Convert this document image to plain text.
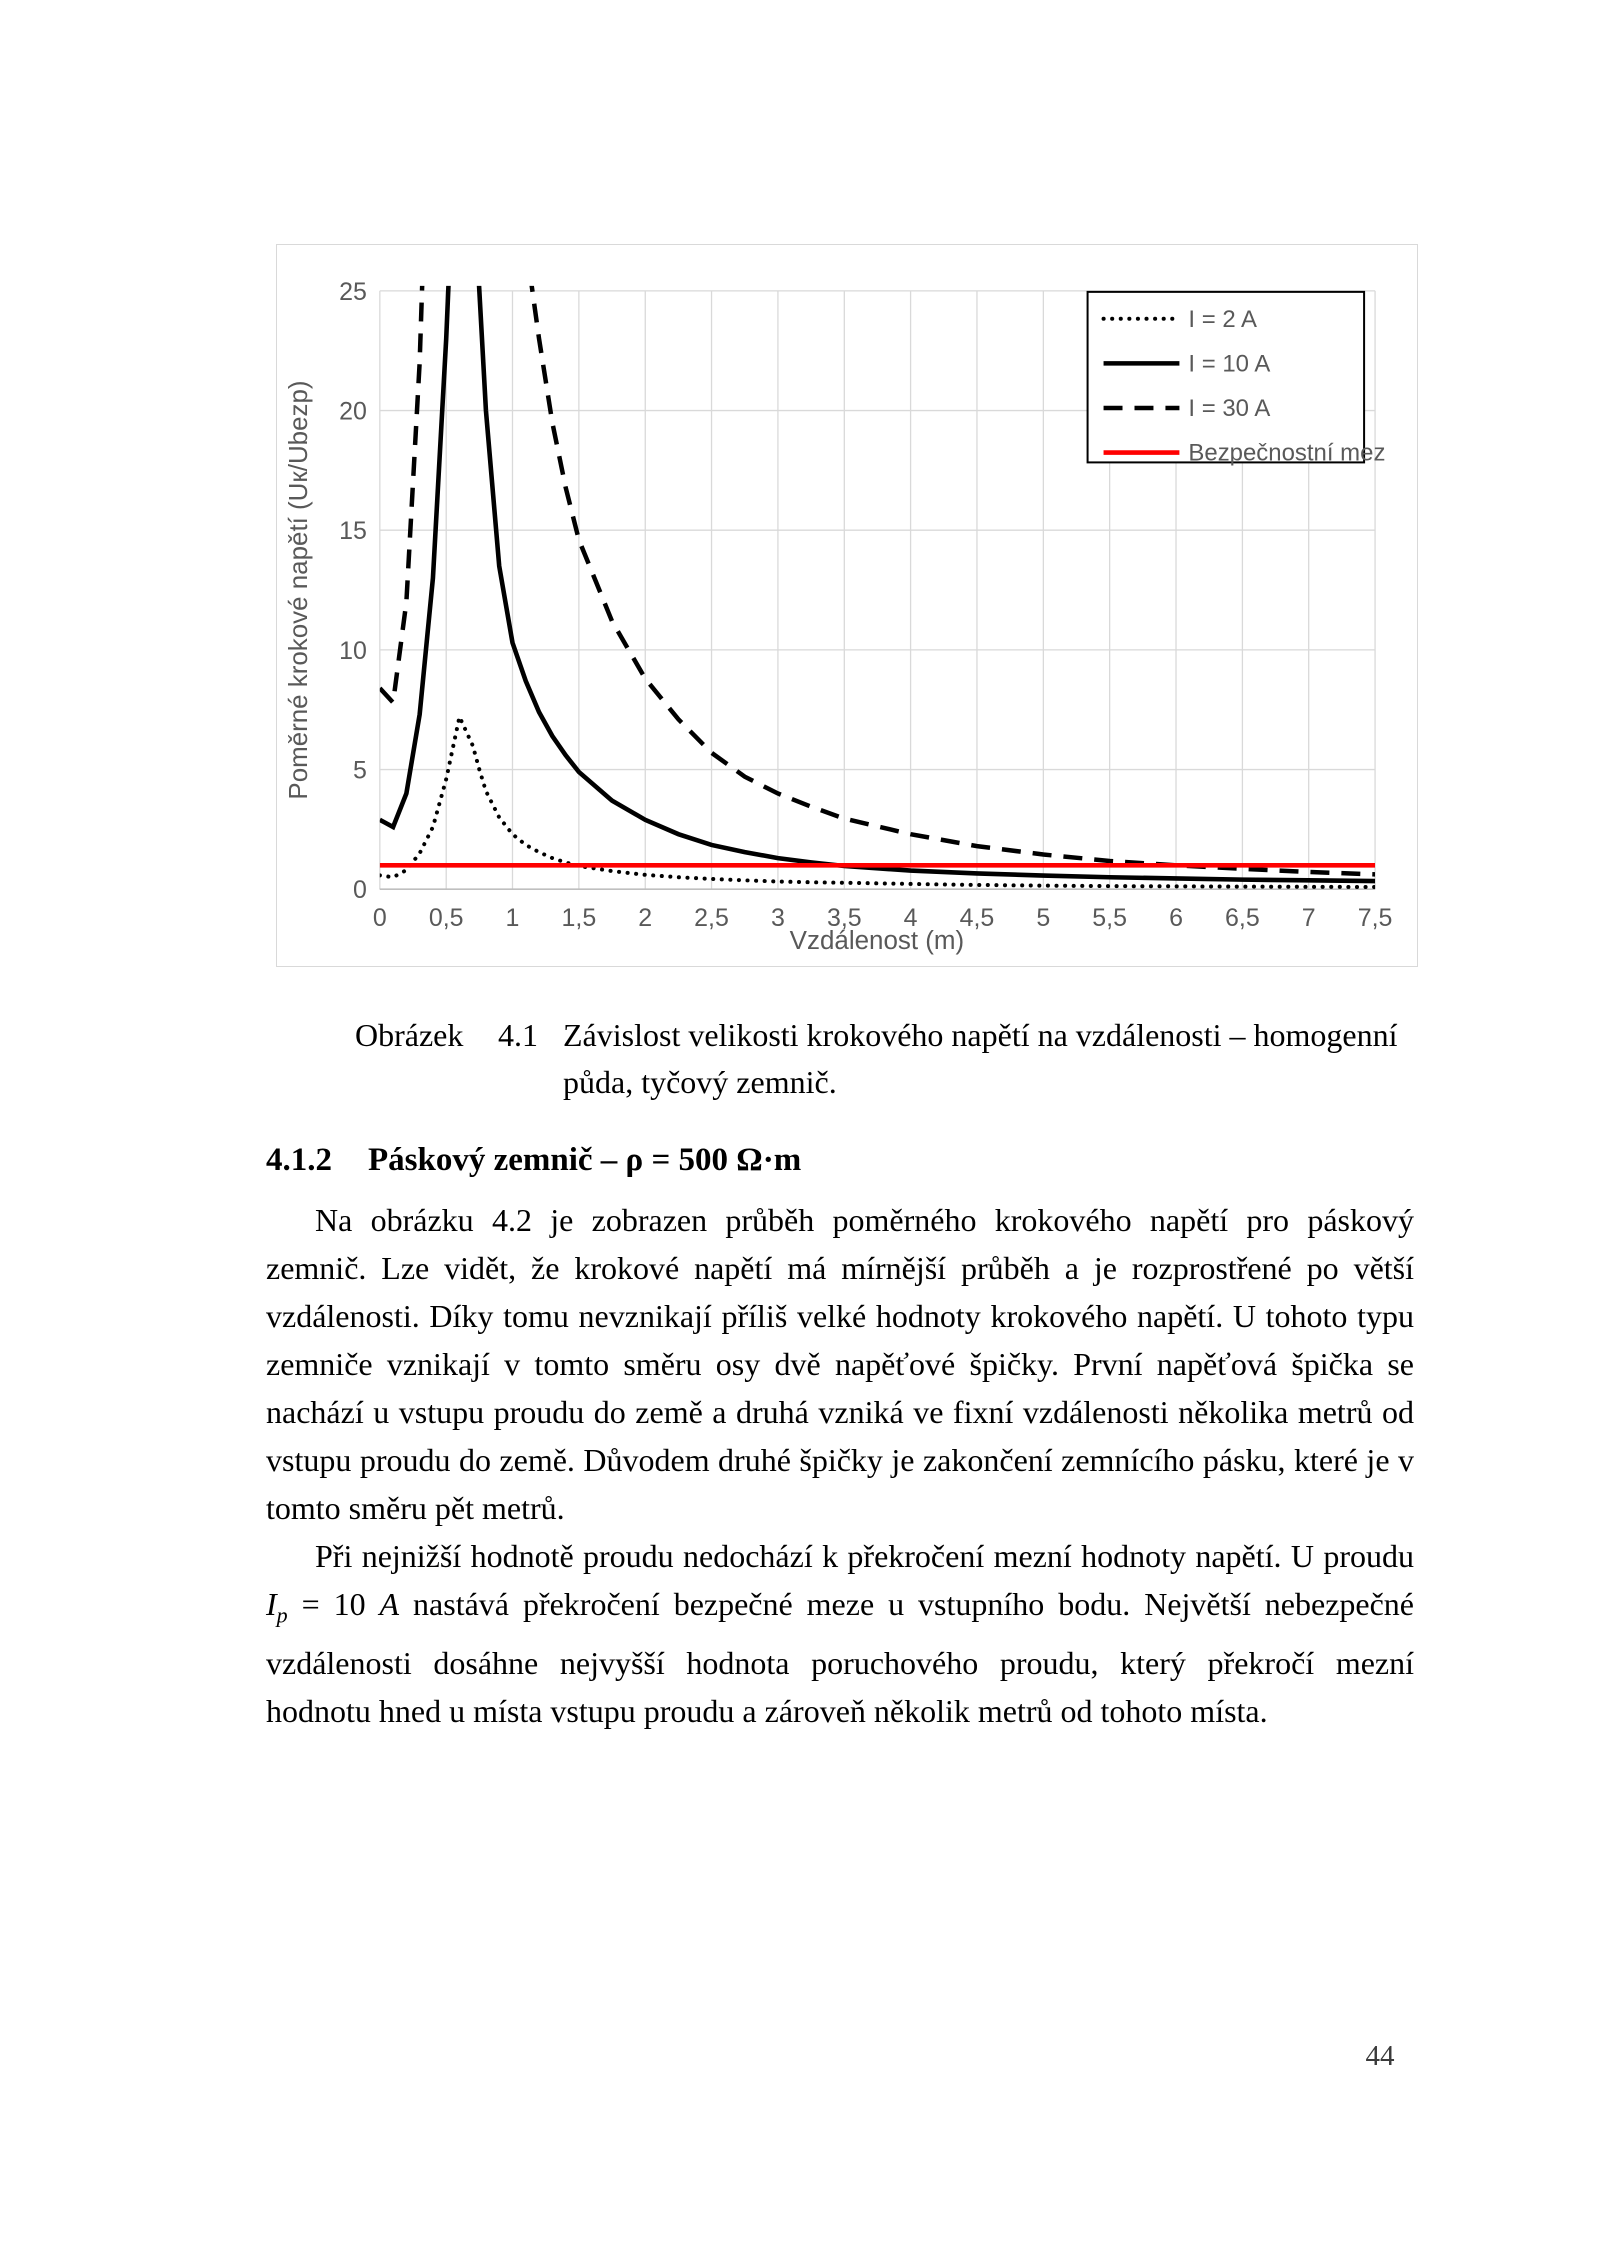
0 0,5 1 1,5 2 2,5 3 3,5 4 4,5 5 5,5 6 6,5 7 7,5
0
5
10
15
20
25
Vzdálenost (m)
Poměrné krokové napětí (Uк/Ubezp)
I = 2 A
I = 10 A
I = 30 A
Bezpečnostní mez
Obrázek	4.1 Závislost velikosti krokového napětí na vzdálenosti – homogenní půda, tyčový zemnič.
4.1.2	Páskový zemnič – ρ = 500 Ω·m

Na obrázku 4.2 je zobrazen průběh poměrného krokového napětí pro páskový zemnič. Lze vidět, že krokové napětí má mírnější průběh a je rozprostřené po větší vzdálenosti. Díky tomu nevznikají příliš velké hodnoty krokového napětí. U tohoto typu zemniče vznikají v tomto směru osy dvě napěťové špičky. První napěťová špička se nachází u vstupu proudu do země a druhá vzniká ve fixní vzdálenosti několika metrů od vstupu proudu do země. Důvodem druhé špičky je zakončení zemnícího pásku, které je v tomto směru pět metrů.

Při nejnižší hodnotě proudu nedochází k překročení mezní hodnoty napětí. U proudu $I_p = 10$ A nastává překročení bezpečné meze u vstupního bodu. Největší nebezpečné vzdálenosti dosáhne nejvyšší hodnota poruchového proudu, který překročí mezní hodnotu hned u místa vstupu proudu a zároveň několik metrů od tohoto místa.

44
